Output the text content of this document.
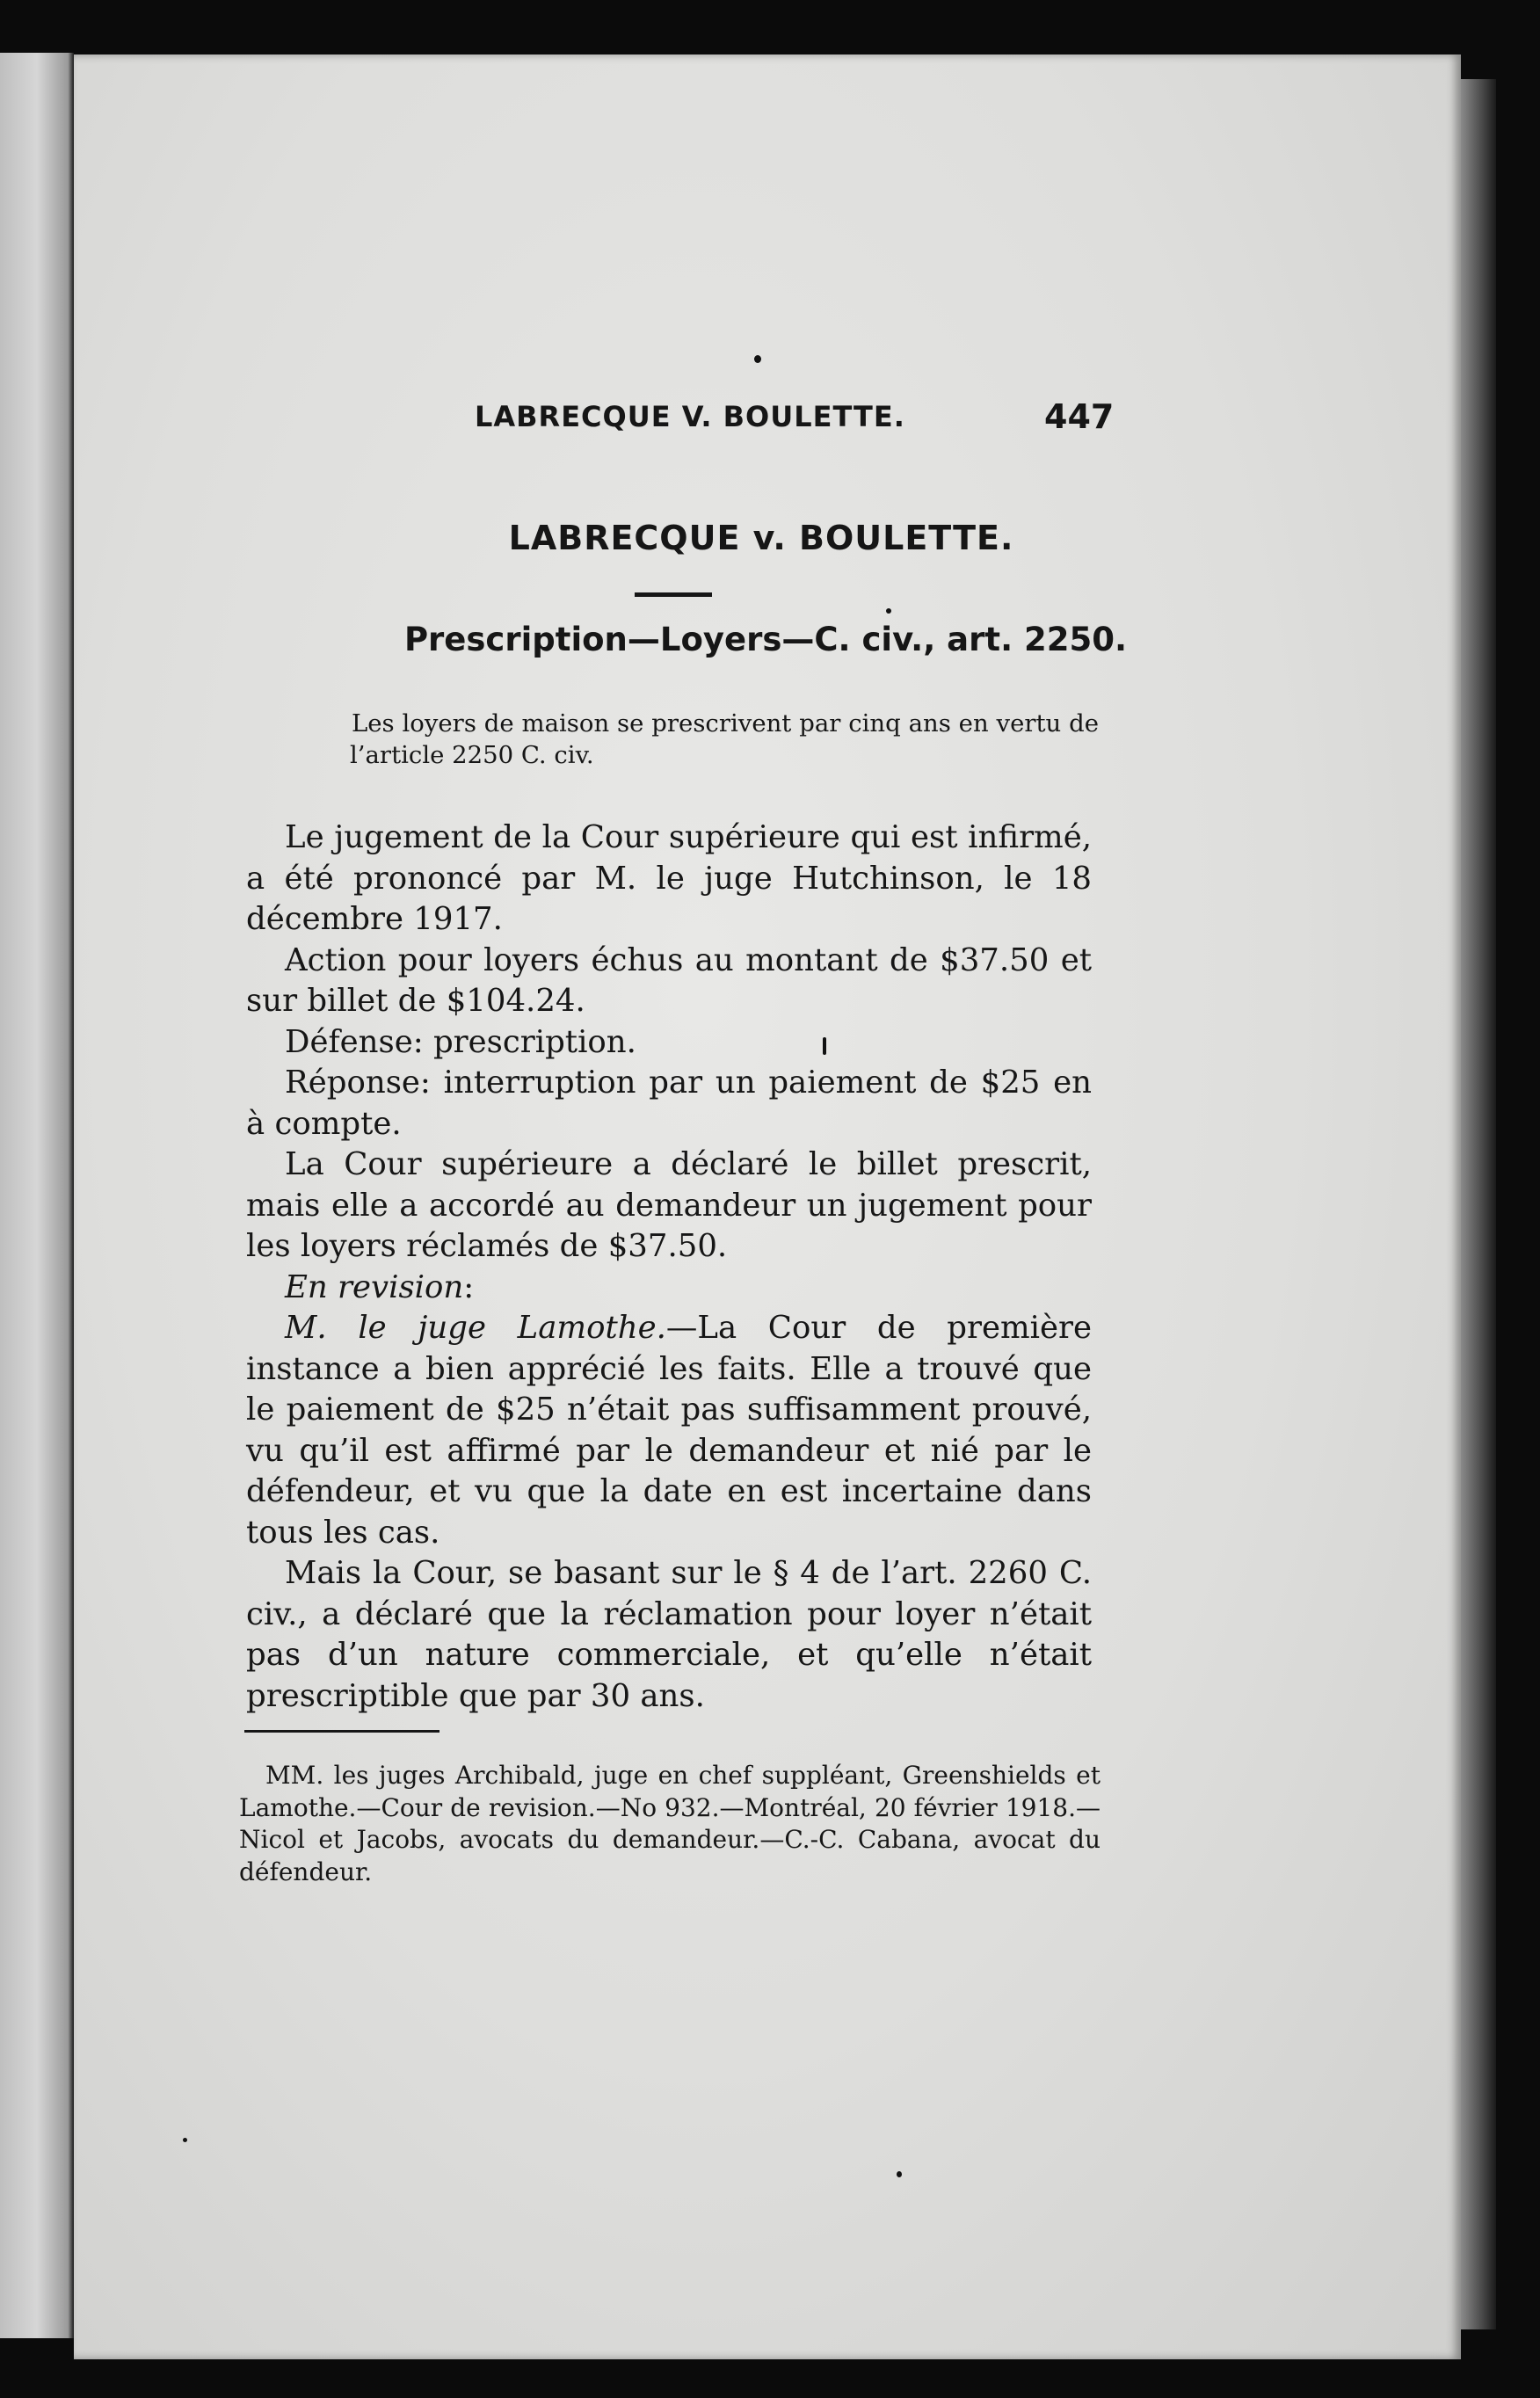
LABRECQUE V. BOULETTE.	447
LABRECQUE v. BOULETTE.
Prescription—Loyers—C. civ., art. 2250.
Les loyers de maison se prescrivent par cinq ans en vertu de l’article 2250 C. civ.

Le jugement de la Cour supérieure qui est infirmé, a été prononcé par M. le juge Hutchinson, le 18 décembre 1917.

Action pour loyers échus au montant de $37.50 et sur billet de $104.24.

Défense: prescription.

Réponse: interruption par un paiement de $25 en à compte.

La Cour supérieure a déclaré le billet prescrit, mais elle a accordé au demandeur un jugement pour les loyers réclamés de $37.50.

En revision:

M. le juge Lamothe.—La Cour de première instance a bien apprécié les faits. Elle a trouvé que le paiement de $25 n’était pas suffisamment prouvé, vu qu’il est affirmé par le demandeur et nié par le défendeur, et vu que la date en est incertaine dans tous les cas.

Mais la Cour, se basant sur le § 4 de l’art. 2260 C. civ., a déclaré que la réclamation pour loyer n’était pas d’un nature commerciale, et qu’elle n’était prescriptible que par 30 ans.

MM. les juges Archibald, juge en chef suppléant, Greenshields et Lamothe.—Cour de revision.—No 932.—Montréal, 20 février 1918.—Nicol et Jacobs, avocats du demandeur.—C.-C. Cabana, avocat du défendeur.
